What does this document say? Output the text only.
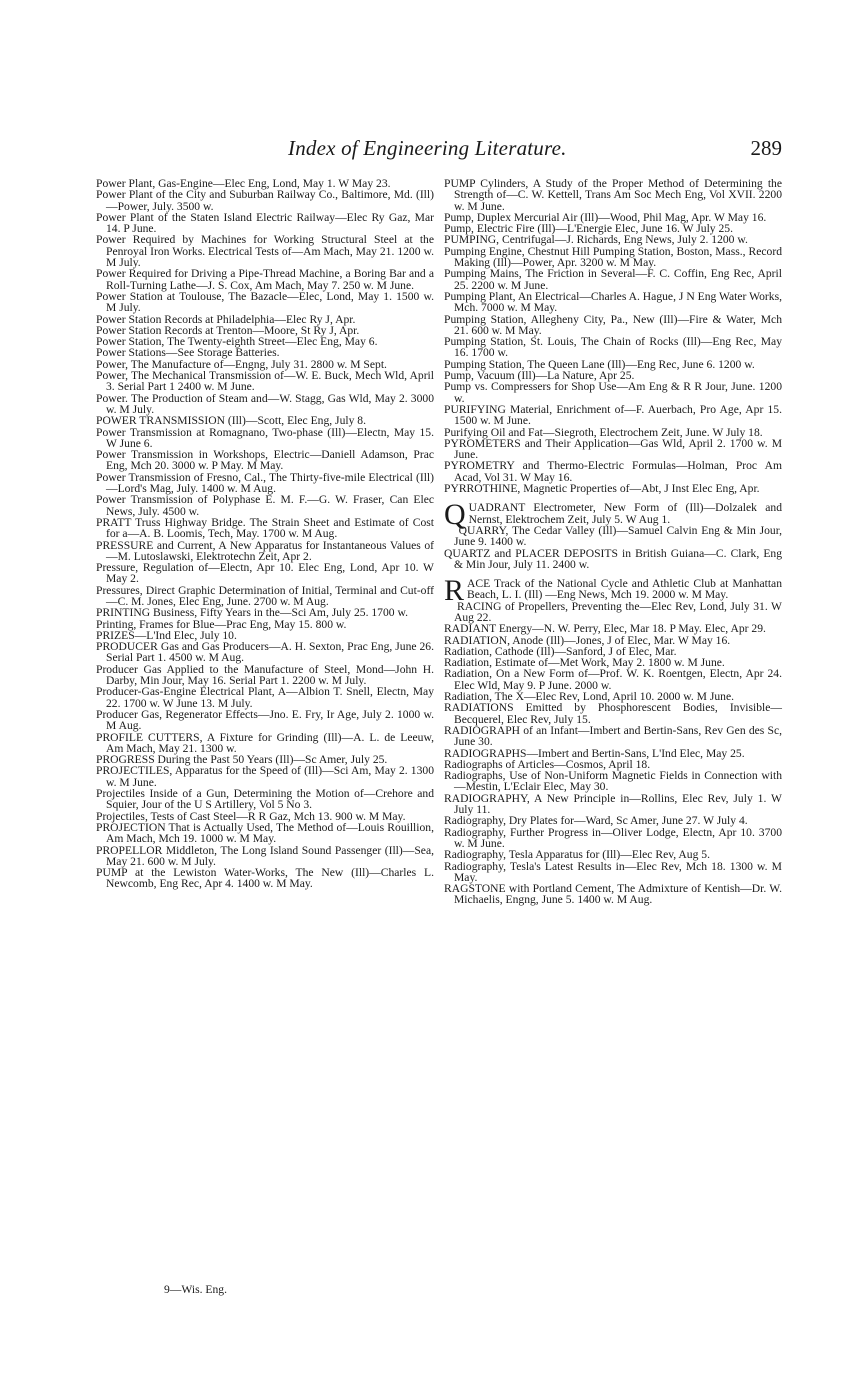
Index of Engineering Literature.	289

Power Plant, Gas-Engine—Elec Eng, Lond, May 1. W May 23.

Power Plant of the City and Suburban Railway Co., Baltimore, Md. (Ill)—Power, July. 3500 w.

Power Plant of the Staten Island Electric Railway—Elec Ry Gaz, Mar 14. P June.

Power Required by Machines for Working Structural Steel at the Penroyal Iron Works. Electrical Tests of—Am Mach, May 21. 1200 w. M July.

Power Required for Driving a Pipe-Thread Machine, a Boring Bar and a Roll-Turning Lathe—J. S. Cox, Am Mach, May 7. 250 w. M June.

Power Station at Toulouse, The Bazacle—Elec, Lond, May 1. 1500 w. M July.

Power Station Records at Philadelphia—Elec Ry J, Apr.

Power Station Records at Trenton—Moore, St Ry J, Apr.

Power Station, The Twenty-eighth Street—Elec Eng, May 6.

Power Stations—See Storage Batteries.

Power, The Manufacture of—Engng, July 31. 2800 w. M Sept.

Power, The Mechanical Transmission of—W. E. Buck, Mech Wld, April 3. Serial Part 1 2400 w. M June.

Power. The Production of Steam and—W. Stagg, Gas Wld, May 2. 3000 w. M July.

POWER TRANSMISSION (Ill)—Scott, Elec Eng, July 8.

Power Transmission at Romagnano, Two-phase (Ill)—Electn, May 15. W June 6.

Power Transmission in Workshops, Electric—Daniell Adamson, Prac Eng, Mch 20. 3000 w. P May. M May.

Power Transmission of Fresno, Cal., The Thirty-five-mile Electrical (Ill)—Lord's Mag, July. 1400 w. M Aug.

Power Transmission of Polyphase E. M. F.—G. W. Fraser, Can Elec News, July. 4500 w.

PRATT Truss Highway Bridge. The Strain Sheet and Estimate of Cost for a—A. B. Loomis, Tech, May. 1700 w. M Aug.

PRESSURE and Current, A New Apparatus for Instantaneous Values of—M. Lutoslawski, Elektrotechn Zeit, Apr 2.

Pressure, Regulation of—Electn, Apr 10. Elec Eng, Lond, Apr 10. W May 2.

Pressures, Direct Graphic Determination of Initial, Terminal and Cut-off—C. M. Jones, Elec Eng, June. 2700 w. M Aug.

PRINTING Business, Fifty Years in the—Sci Am, July 25. 1700 w.

Printing, Frames for Blue—Prac Eng, May 15. 800 w.

PRIZES—L'Ind Elec, July 10.

PRODUCER Gas and Gas Producers—A. H. Sexton, Prac Eng, June 26. Serial Part 1. 4500 w. M Aug.

Producer Gas Applied to the Manufacture of Steel, Mond—John H. Darby, Min Jour, May 16. Serial Part 1. 2200 w. M July.

Producer-Gas-Engine Electrical Plant, A—Albion T. Snell, Electn, May 22. 1700 w. W June 13. M July.

Producer Gas, Regenerator Effects—Jno. E. Fry, Ir Age, July 2. 1000 w. M Aug.

PROFILE CUTTERS, A Fixture for Grinding (Ill)—A. L. de Leeuw, Am Mach, May 21. 1300 w.

PROGRESS During the Past 50 Years (Ill)—Sc Amer, July 25.

PROJECTILES, Apparatus for the Speed of (Ill)—Sci Am, May 2. 1300 w. M June.

Projectiles Inside of a Gun, Determining the Motion of—Crehore and Squier, Jour of the U S Artillery, Vol 5 No 3.

Projectiles, Tests of Cast Steel—R R Gaz, Mch 13. 900 w. M May.

PROJECTION That is Actually Used, The Method of—Louis Rouillion, Am Mach, Mch 19. 1000 w. M May.

PROPELLOR Middleton, The Long Island Sound Passenger (Ill)—Sea, May 21. 600 w. M July.

PUMP at the Lewiston Water-Works, The New (Ill)—Charles L. Newcomb, Eng Rec, Apr 4. 1400 w. M May.

PUMP Cylinders, A Study of the Proper Method of Determining the Strength of—C. W. Kettell, Trans Am Soc Mech Eng, Vol XVII. 2200 w. M June.

Pump, Duplex Mercurial Air (Ill)—Wood, Phil Mag, Apr. W May 16.

Pump, Electric Fire (Ill)—L'Energie Elec, June 16. W July 25.

PUMPING, Centrifugal—J. Richards, Eng News, July 2. 1200 w.

Pumping Engine, Chestnut Hill Pumping Station, Boston, Mass., Record Making (Ill)—Power, Apr. 3200 w. M May.

Pumping Mains, The Friction in Several—F. C. Coffin, Eng Rec, April 25. 2200 w. M June.

Pumping Plant, An Electrical—Charles A. Hague, J N Eng Water Works, Mch. 7000 w. M May.

Pumping Station, Allegheny City, Pa., New (Ill)—Fire & Water, Mch 21. 600 w. M May.

Pumping Station, St. Louis, The Chain of Rocks (Ill)—Eng Rec, May 16. 1700 w.

Pumping Station, The Queen Lane (Ill)—Eng Rec, June 6. 1200 w.

Pump, Vacuum (Ill)—La Nature, Apr 25.

Pump vs. Compressers for Shop Use—Am Eng & R R Jour, June. 1200 w.

PURIFYING Material, Enrichment of—F. Auerbach, Pro Age, Apr 15. 1500 w. M June.

Purifying Oil and Fat—Siegroth, Electrochem Zeit, June. W July 18.

PYROMETERS and Their Application—Gas Wld, April 2. 1700 w. M June.

PYROMETRY and Thermo-Electric Formulas—Holman, Proc Am Acad, Vol 31. W May 16.

PYRROTHINE, Magnetic Properties of—Abt, J Inst Elec Eng, Apr.

QUADRANT Electrometer, New Form of (Ill)—Dolzalek and Nernst, Elektrochem Zeit, July 5. W Aug 1.

QUARRY, The Cedar Valley (Ill)—Samuel Calvin Eng & Min Jour, June 9. 1400 w.

QUARTZ and PLACER DEPOSITS in British Guiana—C. Clark, Eng & Min Jour, July 11. 2400 w.

RACE Track of the National Cycle and Athletic Club at Manhattan Beach, L. I. (Ill) —Eng News, Mch 19. 2000 w. M May.

RACING of Propellers, Preventing the—Elec Rev, Lond, July 31. W Aug 22.

RADIANT Energy—N. W. Perry, Elec, Mar 18. P May. Elec, Apr 29.

RADIATION, Anode (Ill)—Jones, J of Elec, Mar. W May 16.

Radiation, Cathode (Ill)—Sanford, J of Elec, Mar.

Radiation, Estimate of—Met Work, May 2. 1800 w. M June.

Radiation, On a New Form of—Prof. W. K. Roentgen, Electn, Apr 24. Elec Wld, May 9. P June. 2000 w.

Radiation, The X—Elec Rev, Lond, April 10. 2000 w. M June.

RADIATIONS Emitted by Phosphorescent Bodies, Invisible—Becquerel, Elec Rev, July 15.

RADIOGRAPH of an Infant—Imbert and Bertin-Sans, Rev Gen des Sc, June 30.

RADIOGRAPHS—Imbert and Bertin-Sans, L'Ind Elec, May 25.

Radiographs of Articles—Cosmos, April 18.

Radiographs, Use of Non-Uniform Magnetic Fields in Connection with—Mestin, L'Eclair Elec, May 30.

RADIOGRAPHY, A New Principle in—Rollins, Elec Rev, July 1. W July 11.

Radiography, Dry Plates for—Ward, Sc Amer, June 27. W July 4.

Radiography, Further Progress in—Oliver Lodge, Electn, Apr 10. 3700 w. M June.

Radiography, Tesla Apparatus for (Ill)—Elec Rev, Aug 5.

Radiography, Tesla's Latest Results in—Elec Rev, Mch 18. 1300 w. M May.

RAGSTONE with Portland Cement, The Admixture of Kentish—Dr. W. Michaelis, Engng, June 5. 1400 w. M Aug.

9—Wis. Eng.
